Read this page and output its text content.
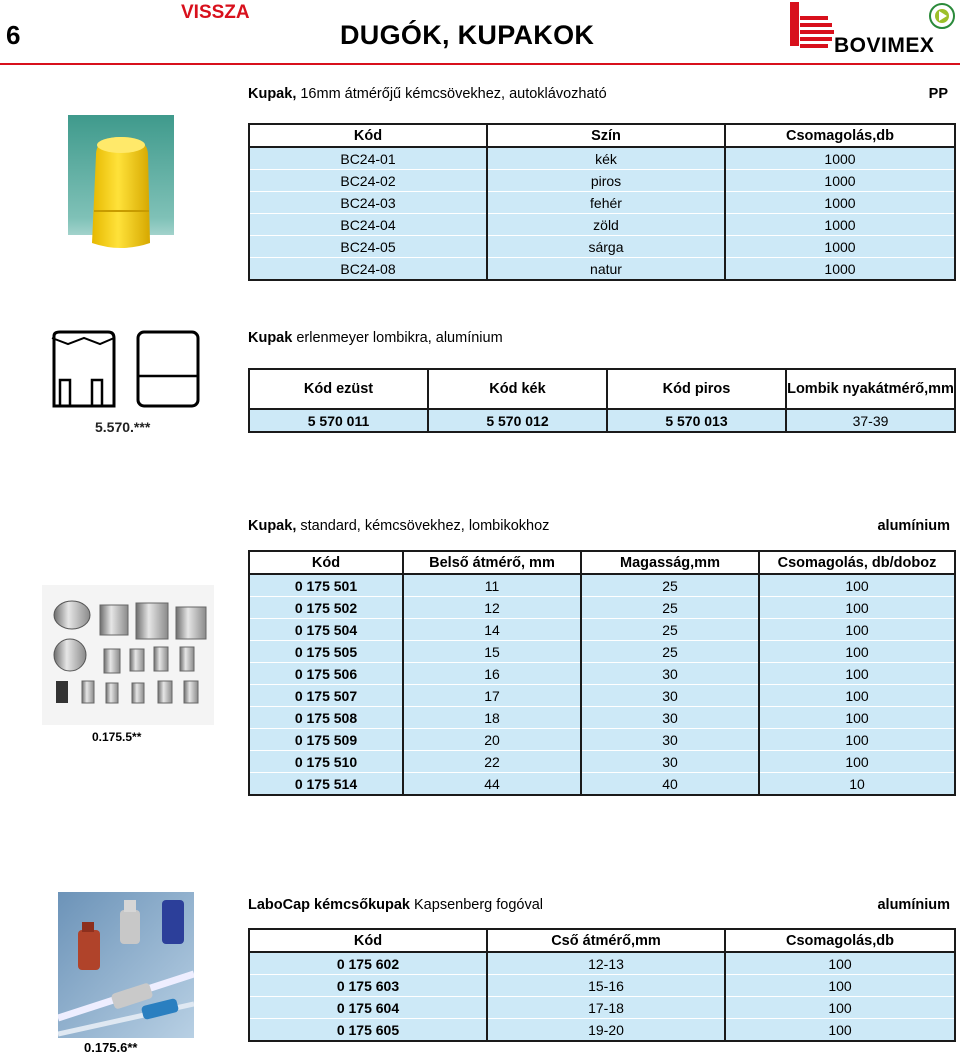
6
VISSZA
DUGÓK, KUPAKOK	BOVIMEX
Kupak, 16mm átmérőjű kémcsövekhez, autoklávozható	PP
Kód	Szín	Csomagolás,db
BC24-01	kék	1000
BC24-02	piros	1000
BC24-03	fehér	1000
BC24-04	zöld	1000
BC24-05	sárga	1000
BC24-08	natur	1000
5.570.***
Kupak erlenmeyer lombikra, alumínium
Kód ezüst	Kód kék	Kód piros	Lombik nyakátmérő,mm
5 570 011	5 570 012	5 570 013	37-39
Kupak, standard, kémcsövekhez, lombikokhoz	alumínium
0.175.5**
Kód	Belső átmérő, mm	Magasság,mm	Csomagolás, db/doboz
0 175 501	11	25	100
0 175 502	12	25	100
0 175 504	14	25	100
0 175 505	15	25	100
0 175 506	16	30	100
0 175 507	17	30	100
0 175 508	18	30	100
0 175 509	20	30	100
0 175 510	22	30	100
0 175 514	44	40	10
LaboCap kémcsőkupak Kapsenberg fogóval	alumínium
0.175.6**
Kód	Cső átmérő,mm	Csomagolás,db
0 175 602	12-13	100
0 175 603	15-16	100
0 175 604	17-18	100
0 175 605	19-20	100
